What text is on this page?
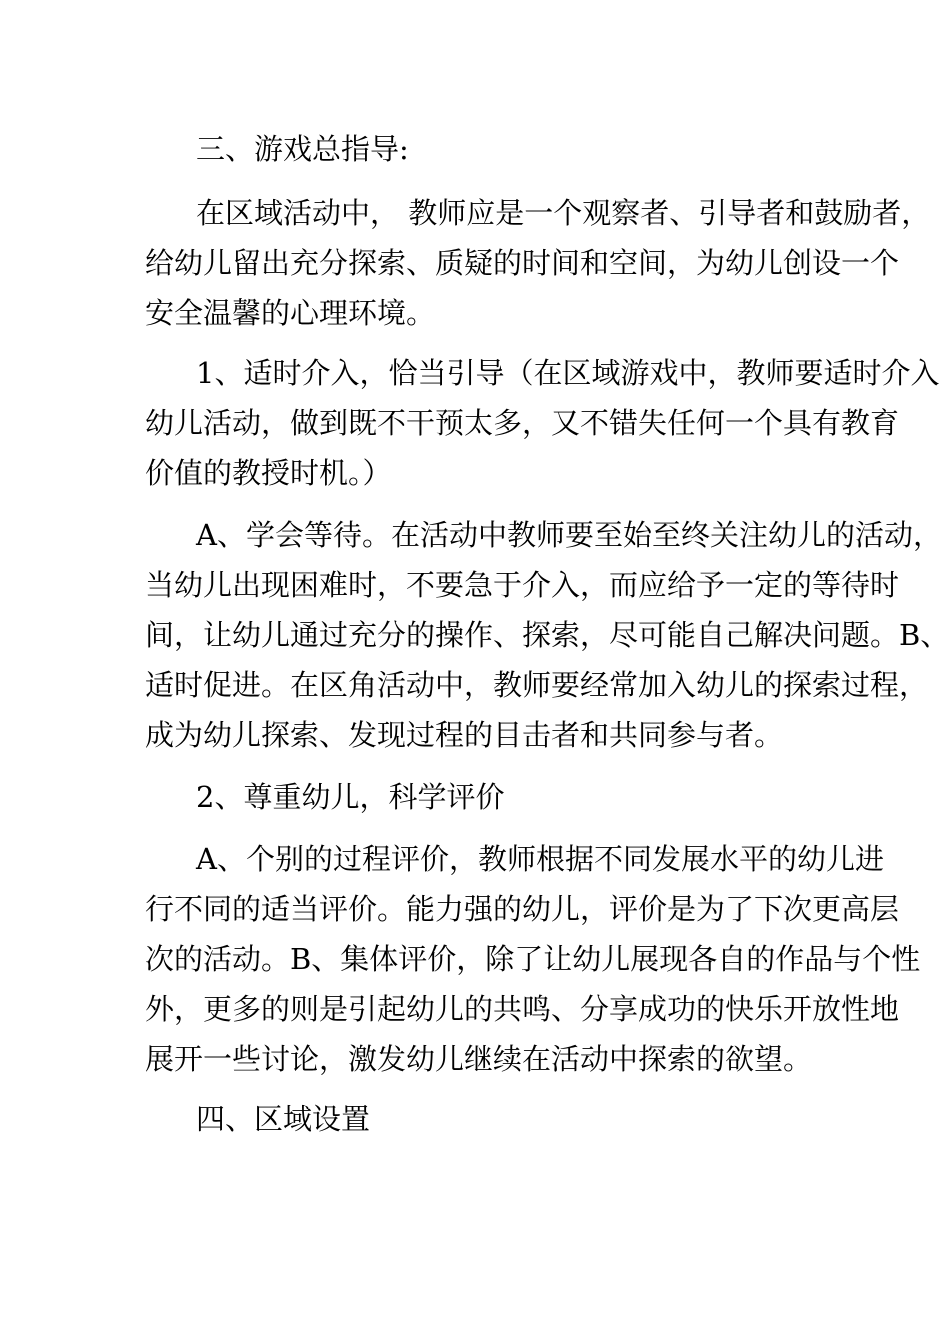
三、游戏总指导:
在区域活动中， 教师应是一个观察者、引导者和鼓励者，
给幼儿留出充分探索、质疑的时间和空间，为幼儿创设一个
安全温馨的心理环境。
1、适时介入，恰当引导（在区域游戏中，教师要适时介入
幼儿活动，做到既不干预太多，又不错失任何一个具有教育
价值的教授时机。）
A、学会等待。在活动中教师要至始至终关注幼儿的活动，
当幼儿出现困难时，不要急于介入，而应给予一定的等待时
间，让幼儿通过充分的操作、探索，尽可能自己解决问题。B、
适时促进。在区角活动中，教师要经常加入幼儿的探索过程，
成为幼儿探索、发现过程的目击者和共同参与者。
2、尊重幼儿，科学评价
A、个别的过程评价，教师根据不同发展水平的幼儿进
行不同的适当评价。能力强的幼儿，评价是为了下次更高层
次的活动。B、集体评价，除了让幼儿展现各自的作品与个性
外，更多的则是引起幼儿的共鸣、分享成功的快乐开放性地
展开一些讨论，激发幼儿继续在活动中探索的欲望。
四、区域设置
